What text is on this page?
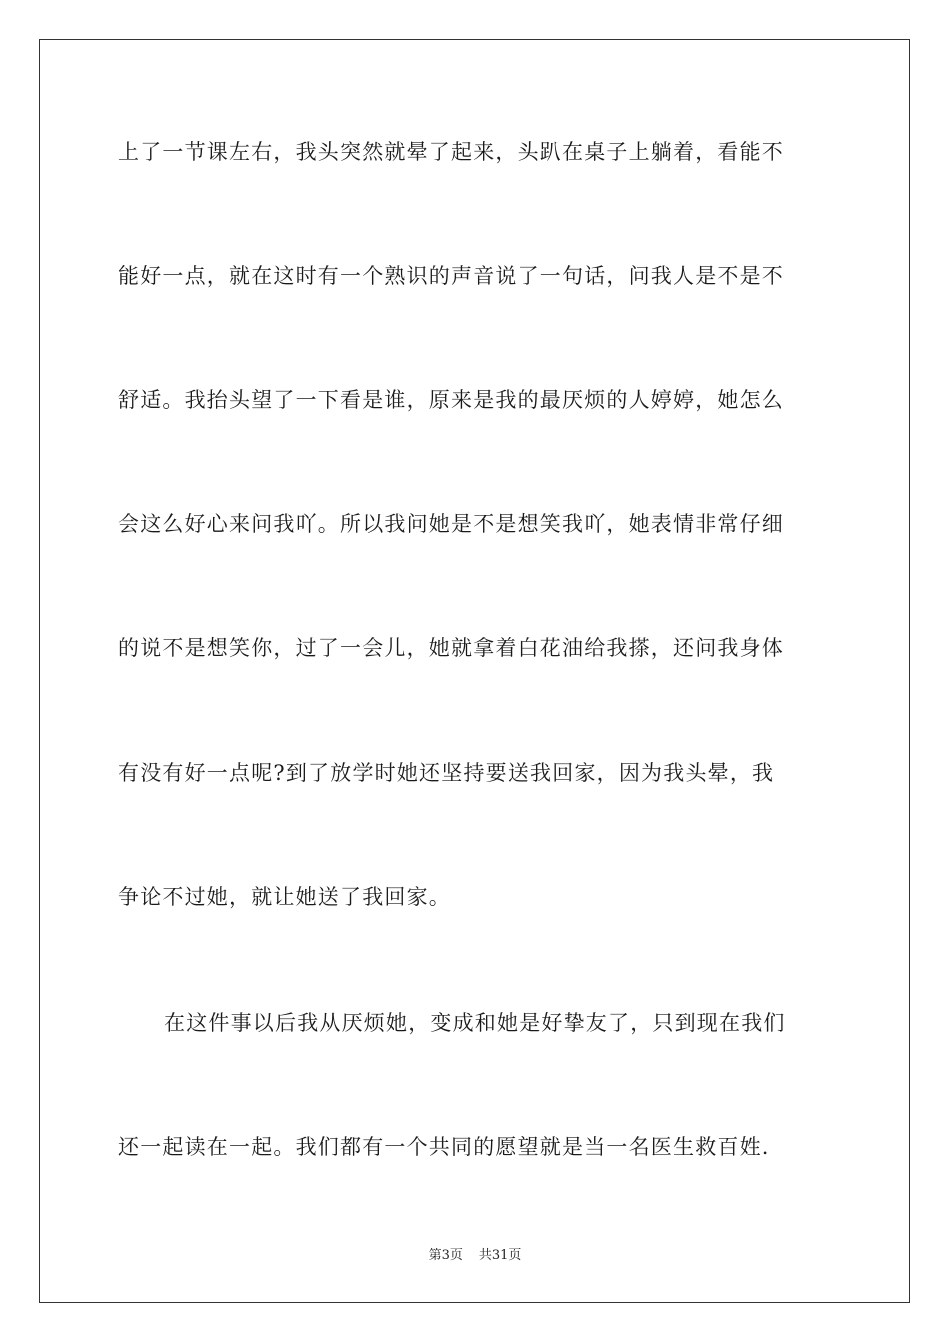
上了一节课左右，我头突然就晕了起来，头趴在桌子上躺着，看能不
能好一点，就在这时有一个熟识的声音说了一句话，问我人是不是不
舒适。我抬头望了一下看是谁，原来是我的最厌烦的人婷婷，她怎么
会这么好心来问我吖。所以我问她是不是想笑我吖，她表情非常仔细
的说不是想笑你，过了一会儿，她就拿着白花油给我搽，还问我身体
有没有好一点呢?到了放学时她还坚持要送我回家，因为我头晕，我
争论不过她，就让她送了我回家。
在这件事以后我从厌烦她，变成和她是好挚友了，只到现在我们
还一起读在一起。我们都有一个共同的愿望就是当一名医生救百姓.
第3页 共31页
